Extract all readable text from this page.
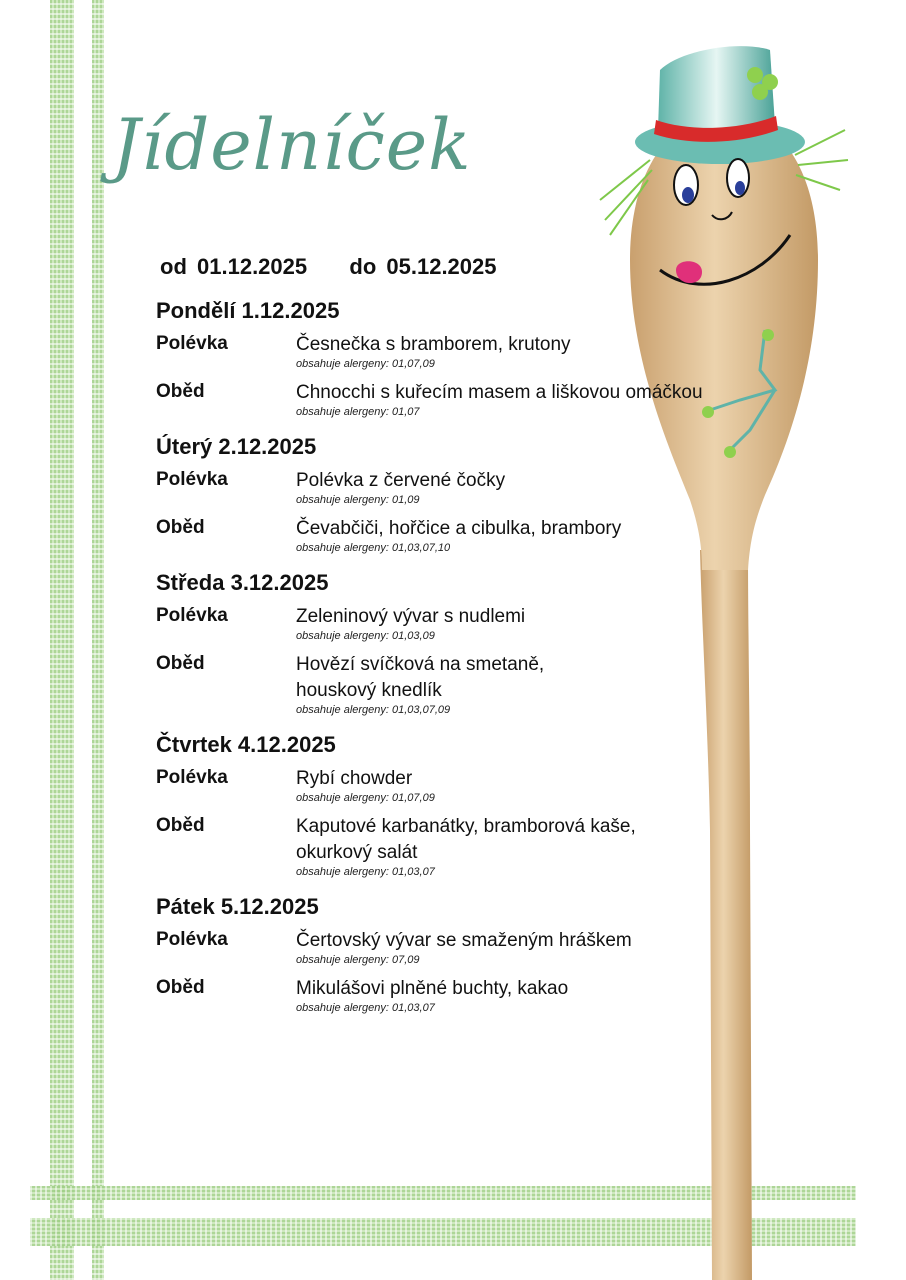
Jídelníček
od 01.12.2025 do 05.12.2025
Pondělí 1.12.2025
Polévka	Česnečka s bramborem, krutony
obsahuje alergeny: 01,07,09
Oběd	Chnocchi s kuřecím masem a liškovou omáčkou
obsahuje alergeny: 01,07
Úterý 2.12.2025
Polévka	Polévka z červené čočky
obsahuje alergeny: 01,09
Oběd	Čevabčiči, hořčice a cibulka, brambory
obsahuje alergeny: 01,03,07,10
Středa 3.12.2025
Polévka	Zeleninový vývar s nudlemi
obsahuje alergeny: 01,03,09
Oběd	Hovězí svíčková na smetaně,
houskový knedlík
obsahuje alergeny: 01,03,07,09
Čtvrtek 4.12.2025
Polévka	Rybí chowder
obsahuje alergeny: 01,07,09
Oběd	Kaputové karbanátky, bramborová kaše,
okurkový salát
obsahuje alergeny: 01,03,07
Pátek 5.12.2025
Polévka	Čertovský vývar se smaženým hráškem
obsahuje alergeny: 07,09
Oběd	Mikulášovi plněné buchty, kakao
obsahuje alergeny: 01,03,07
